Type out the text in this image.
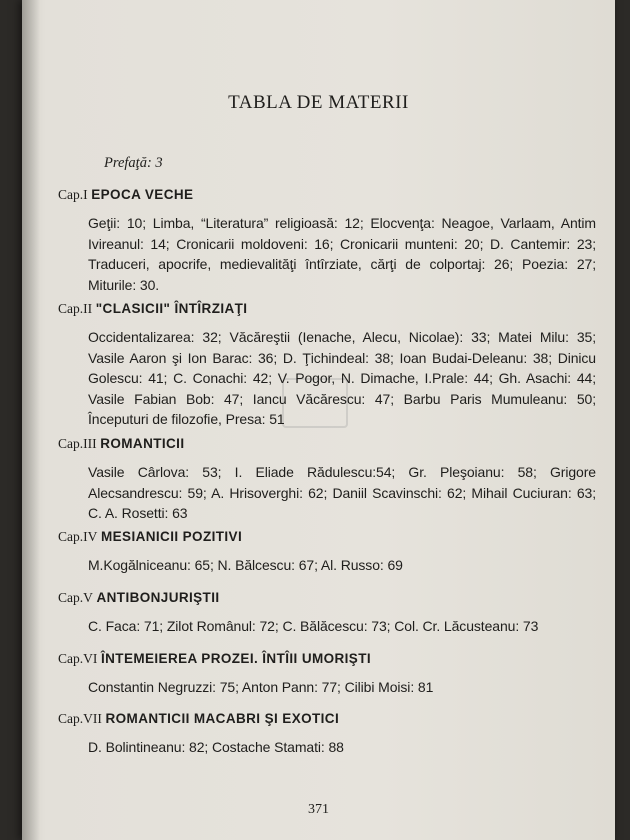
TABLA DE MATERII
Prefaţă: 3
Cap.I EPOCA VECHE
Geţii: 10; Limba, “Literatura” religioasă: 12; Elocvenţa: Neagoe, Varlaam, Antim Ivireanul: 14; Cronicarii moldoveni: 16; Cronicarii munteni: 20; D. Cantemir: 23; Traduceri, apocrife, medievalităţi întîrziate, cărţi de colportaj: 26; Poezia: 27; Miturile: 30.
Cap.II "CLASICII" ÎNTÎRZIAŢI
Occidentalizarea: 32; Văcăreştii (Ienache, Alecu, Nicolae): 33; Matei Milu: 35; Vasile Aaron şi Ion Barac: 36; D. Ţichindeal: 38; Ioan Budai-Deleanu: 38; Dinicu Golescu: 41; C. Conachi: 42; V. Pogor, N. Dimache, I.Prale: 44; Gh. Asachi: 44; Vasile Fabian Bob: 47; Iancu Văcărescu: 47; Barbu Paris Mumuleanu: 50; Începuturi de filozofie, Presa: 51
Cap.III ROMANTICII
Vasile Cârlova: 53; I. Eliade Rădulescu:54; Gr. Pleşoianu: 58; Grigore Alecsandrescu: 59; A. Hrisoverghi: 62; Daniil Scavinschi: 62; Mihail Cuciuran: 63; C. A. Rosetti: 63
Cap.IV MESIANICII POZITIVI
M.Kogălniceanu: 65; N. Bălcescu: 67; Al. Russo: 69
Cap.V ANTIBONJURIŞTII
C. Faca: 71; Zilot Românul: 72; C. Bălăcescu: 73; Col. Cr. Lăcusteanu: 73
Cap.VI ÎNTEMEIEREA PROZEI. ÎNTÎII UMORIŞTI
Constantin Negruzzi: 75; Anton Pann: 77; Cilibi Moisi: 81
Cap.VII ROMANTICII MACABRI ŞI EXOTICI
D. Bolintineanu: 82; Costache Stamati: 88
371
